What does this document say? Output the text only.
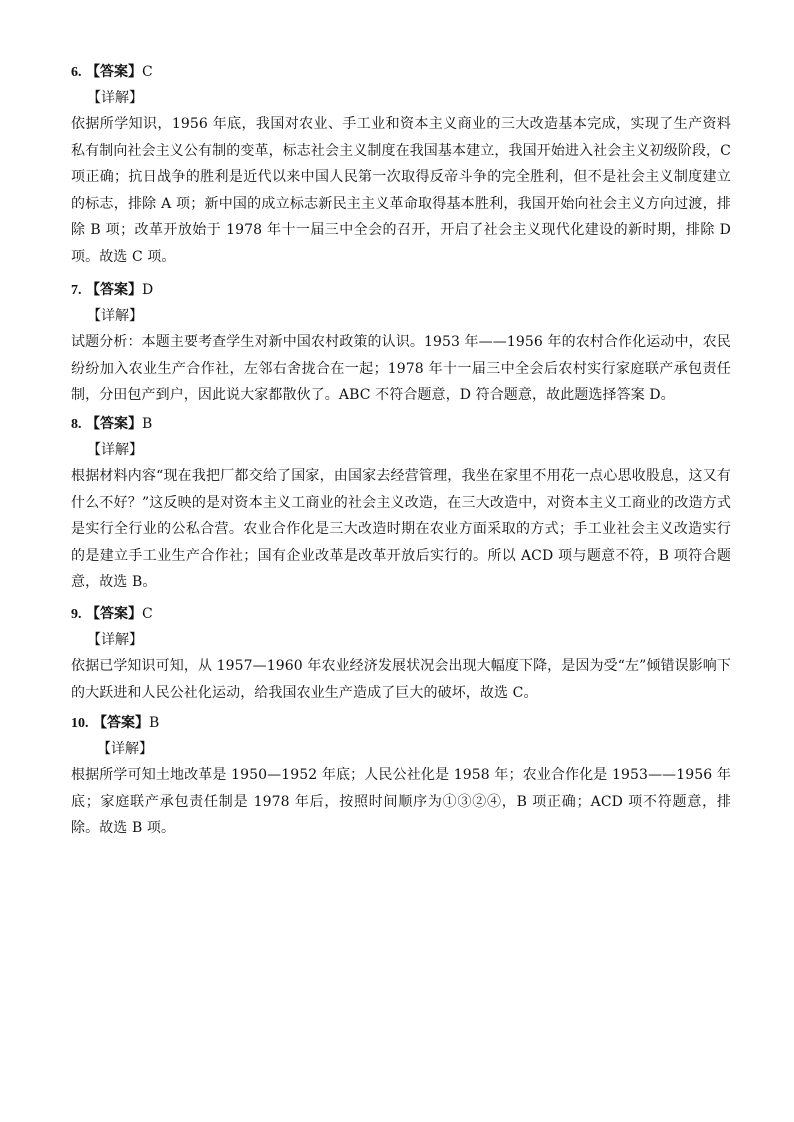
6. 【答案】C
【详解】
依据所学知识，1956 年底，我国对农业、手工业和资本主义商业的三大改造基本完成，实现了生产资料私有制向社会主义公有制的变革，标志社会主义制度在我国基本建立，我国开始进入社会主义初级阶段，C 项正确；抗日战争的胜利是近代以来中国人民第一次取得反帝斗争的完全胜利，但不是社会主义制度建立的标志，排除 A 项；新中国的成立标志新民主主义革命取得基本胜利，我国开始向社会主义方向过渡，排除 B 项；改革开放始于 1978 年十一届三中全会的召开，开启了社会主义现代化建设的新时期，排除 D 项。故选 C 项。
7. 【答案】D
【详解】
试题分析：本题主要考查学生对新中国农村政策的认识。1953 年——1956 年的农村合作化运动中，农民纷纷加入农业生产合作社，左邻右舍拢合在一起；1978 年十一届三中全会后农村实行家庭联产承包责任制，分田包产到户，因此说大家都散伙了。ABC 不符合题意，D 符合题意，故此题选择答案 D。
8. 【答案】B
【详解】
根据材料内容“现在我把厂都交给了国家，由国家去经营管理，我坐在家里不用花一点心思收股息，这又有什么不好？”这反映的是对资本主义工商业的社会主义改造，在三大改造中，对资本主义工商业的改造方式是实行全行业的公私合营。农业合作化是三大改造时期在农业方面采取的方式；手工业社会主义改造实行的是建立手工业生产合作社；国有企业改革是改革开放后实行的。所以 ACD 项与题意不符，B 项符合题意，故选 B。
9. 【答案】C
【详解】
依据已学知识可知，从 1957—1960 年农业经济发展状况会出现大幅度下降，是因为受“左”倾错误影响下的大跃进和人民公社化运动，给我国农业生产造成了巨大的破坏，故选 C。
10. 【答案】B
【详解】
根据所学可知土地改革是 1950—1952 年底；人民公社化是 1958 年；农业合作化是 1953——1956 年底；家庭联产承包责任制是 1978 年后，按照时间顺序为①③②④，B 项正确；ACD 项不符题意，排除。故选 B 项。
